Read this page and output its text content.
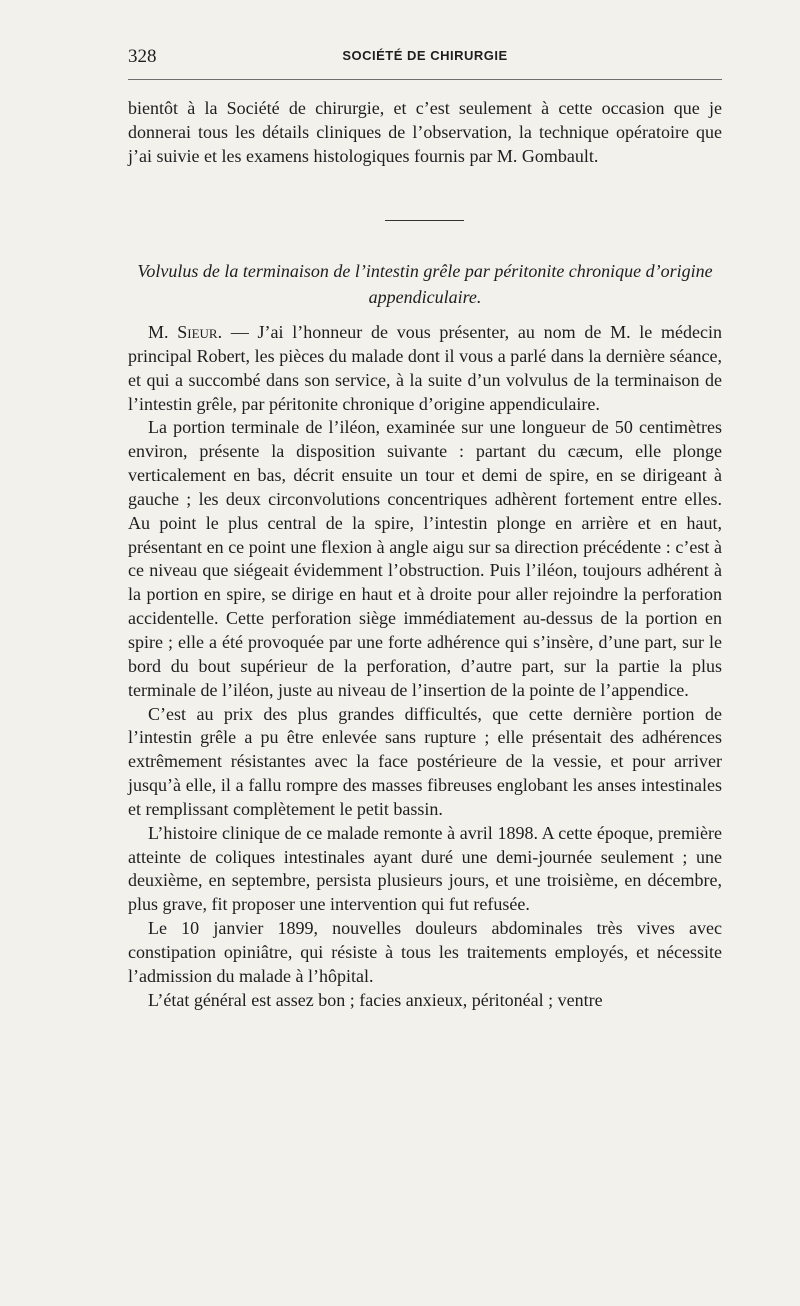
328	SOCIÉTÉ DE CHIRURGIE

bientôt à la Société de chirurgie, et c’est seulement à cette occasion que je donnerai tous les détails cliniques de l’observation, la technique opératoire que j’ai suivie et les examens histologiques fournis par M. Gombault.

Volvulus de la terminaison de l’intestin grêle par péritonite chronique d’origine appendiculaire.

M. Sieur. — J’ai l’honneur de vous présenter, au nom de M. le médecin principal Robert, les pièces du malade dont il vous a parlé dans la dernière séance, et qui a succombé dans son service, à la suite d’un volvulus de la terminaison de l’intestin grêle, par péritonite chronique d’origine appendiculaire.

La portion terminale de l’iléon, examinée sur une longueur de 50 centimètres environ, présente la disposition suivante : partant du cæcum, elle plonge verticalement en bas, décrit ensuite un tour et demi de spire, en se dirigeant à gauche ; les deux circonvolutions concentriques adhèrent fortement entre elles. Au point le plus central de la spire, l’intestin plonge en arrière et en haut, présentant en ce point une flexion à angle aigu sur sa direction précédente : c’est à ce niveau que siégeait évidemment l’obstruction. Puis l’iléon, toujours adhérent à la portion en spire, se dirige en haut et à droite pour aller rejoindre la perforation accidentelle. Cette perforation siège immédiatement au-dessus de la portion en spire ; elle a été provoquée par une forte adhérence qui s’insère, d’une part, sur le bord du bout supérieur de la perforation, d’autre part, sur la partie la plus terminale de l’iléon, juste au niveau de l’insertion de la pointe de l’appendice.

C’est au prix des plus grandes difficultés, que cette dernière portion de l’intestin grêle a pu être enlevée sans rupture ; elle présentait des adhérences extrêmement résistantes avec la face postérieure de la vessie, et pour arriver jusqu’à elle, il a fallu rompre des masses fibreuses englobant les anses intestinales et remplissant complètement le petit bassin.

L’histoire clinique de ce malade remonte à avril 1898. A cette époque, première atteinte de coliques intestinales ayant duré une demi-journée seulement ; une deuxième, en septembre, persista plusieurs jours, et une troisième, en décembre, plus grave, fit proposer une intervention qui fut refusée.

Le 10 janvier 1899, nouvelles douleurs abdominales très vives avec constipation opiniâtre, qui résiste à tous les traitements employés, et nécessite l’admission du malade à l’hôpital.

L’état général est assez bon ; facies anxieux, péritonéal ; ventre
